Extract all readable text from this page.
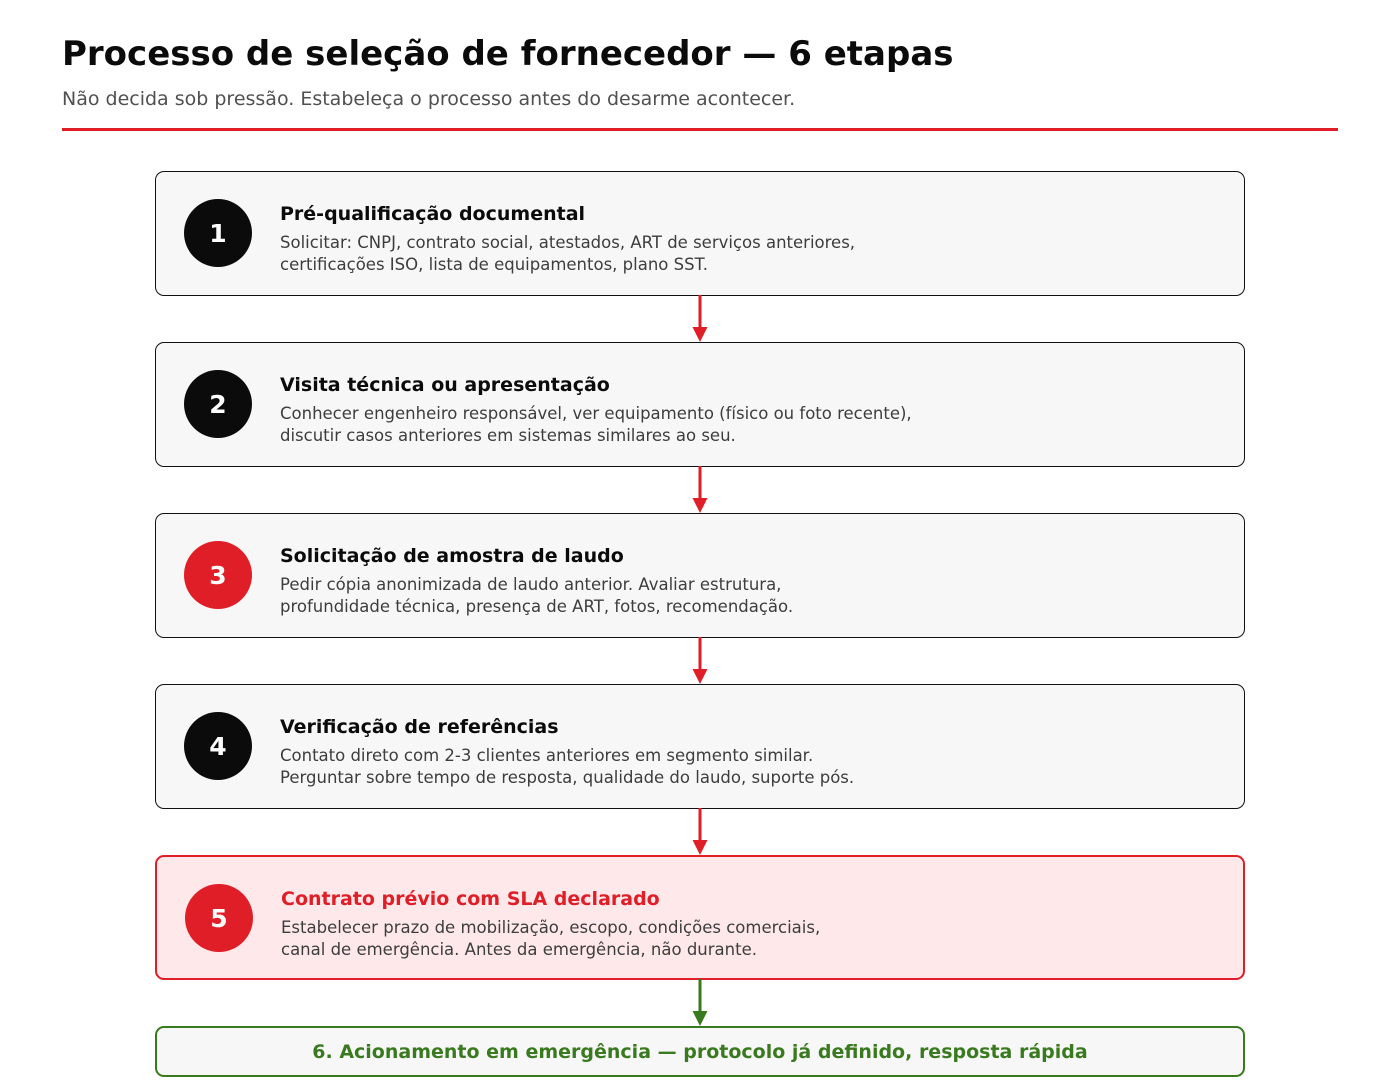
Processo de seleção de fornecedor — 6 etapas

Não decida sob pressão. Estabeleça o processo antes do desarme acontecer.

1
Pré-qualificação documental

Solicitar: CNPJ, contrato social, atestados, ART de serviços anteriores,
certificações ISO, lista de equipamentos, plano SST.

2
Visita técnica ou apresentação

Conhecer engenheiro responsável, ver equipamento (físico ou foto recente),
discutir casos anteriores em sistemas similares ao seu.

3
Solicitação de amostra de laudo

Pedir cópia anonimizada de laudo anterior. Avaliar estrutura,
profundidade técnica, presença de ART, fotos, recomendação.

4
Verificação de referências

Contato direto com 2-3 clientes anteriores em segmento similar.
Perguntar sobre tempo de resposta, qualidade do laudo, suporte pós.

5
Contrato prévio com SLA declarado

Estabelecer prazo de mobilização, escopo, condições comerciais,
canal de emergência. Antes da emergência, não durante.

6. Acionamento em emergência — protocolo já definido, resposta rápida
